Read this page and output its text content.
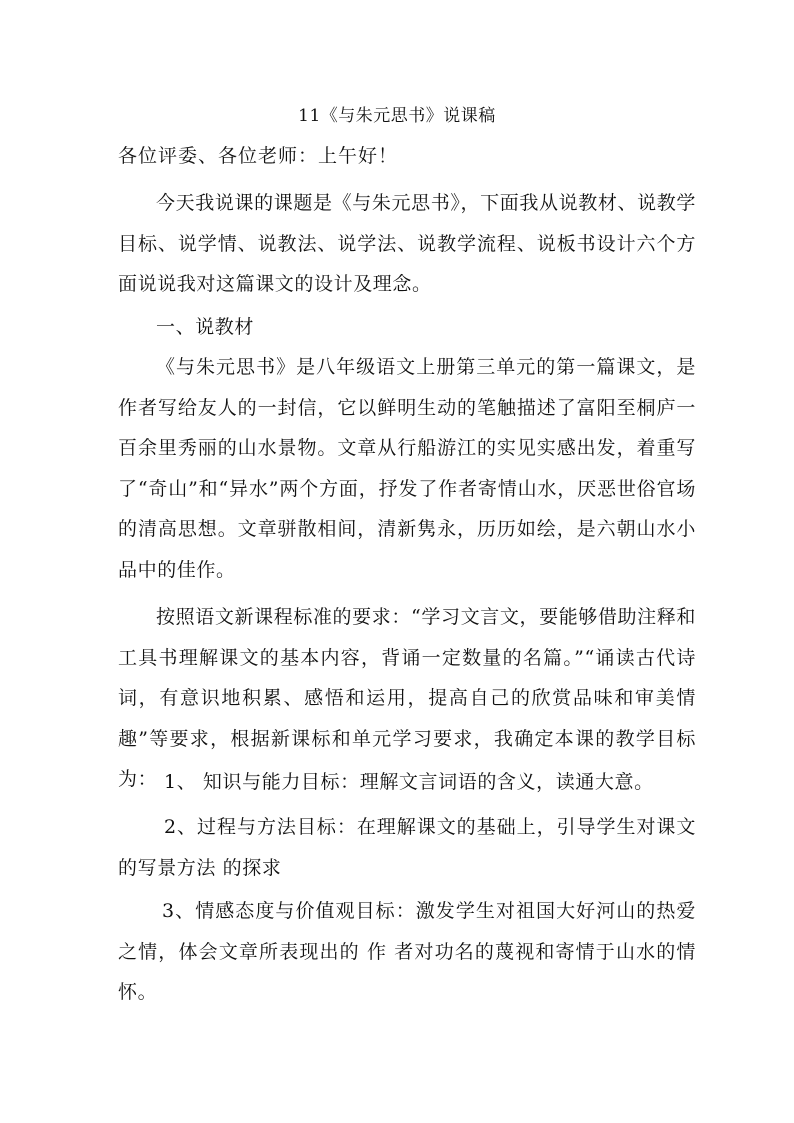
11《与朱元思书》说课稿
各位评委、各位老师：上午好！

今天我说课的课题是《与朱元思书》，下面我从说教材、说教学目标、说学情、说教法、说学法、说教学流程、说板书设计六个方面说说我对这篇课文的设计及理念。

一、说教材

《与朱元思书》是八年级语文上册第三单元的第一篇课文，是作者写给友人的一封信，它以鲜明生动的笔触描述了富阳至桐庐一百余里秀丽的山水景物。文章从行船游江的实见实感出发，着重写了“奇山”和“异水”两个方面，抒发了作者寄情山水，厌恶世俗官场的清高思想。文章骈散相间，清新隽永，历历如绘，是六朝山水小品中的佳作。

按照语文新课程标准的要求：“学习文言文，要能够借助注释和工具书理解课文的基本内容，背诵一定数量的名篇。”“诵读古代诗词，有意识地积累、感悟和运用，提高自己的欣赏品味和审美情趣”等要求，根据新课标和单元学习要求，我确定本课的教学目标为： 1、 知识与能力目标：理解文言词语的含义，读通大意。

2、过程与方法目标：在理解课文的基础上，引导学生对课文的写景方法 的探求

3、情感态度与价值观目标：激发学生对祖国大好河山的热爱之情，体会文章所表现出的 作 者对功名的蔑视和寄情于山水的情怀。
